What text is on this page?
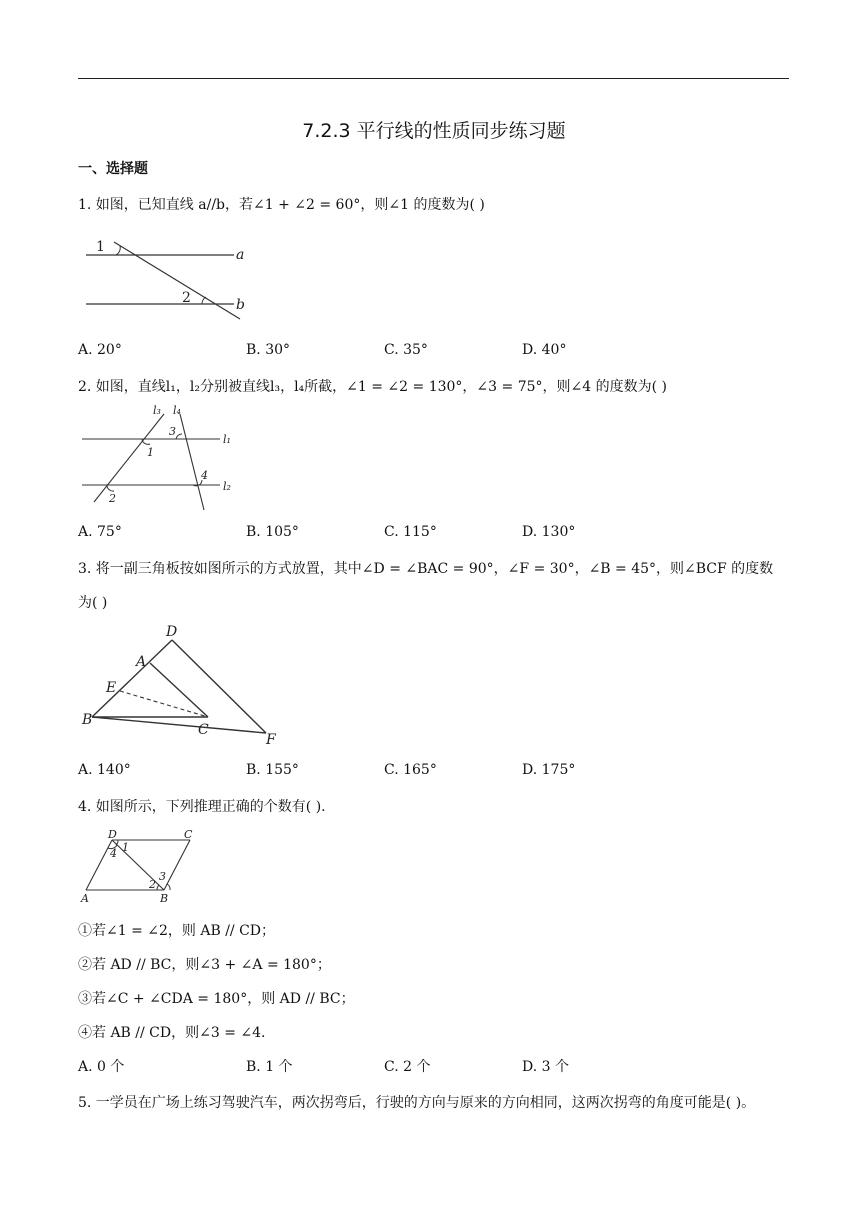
7.2.3 平行线的性质同步练习题
一、选择题
1. 如图，已知直线 a//b，若∠1 + ∠2 = 60°，则∠1 的度数为( )
1
2
a
b
A. 20°	B. 30°	C. 35°	D. 40°
2. 如图，直线l₁，l₂分别被直线l₃，l₄所截，∠1 = ∠2 = 130°，∠3 = 75°，则∠4 的度数为( )
l₃ l₄
l₁
l₂
1
2
3
4
A. 75°	B. 105°	C. 115°	D. 130°
3. 将一副三角板按如图所示的方式放置，其中∠D = ∠BAC = 90°，∠F = 30°，∠B = 45°，则∠BCF 的度数
为( )
D
A
E
B
C
F
A. 140°	B. 155°	C. 165°	D. 175°
4. 如图所示，下列推理正确的个数有( ).
D	C
A	B
1
2
3
4
①若∠1 = ∠2，则 AB // CD；
②若 AD // BC，则∠3 + ∠A = 180°；
③若∠C + ∠CDA = 180°，则 AD // BC；
④若 AB // CD，则∠3 = ∠4.
A. 0 个	B. 1 个	C. 2 个	D. 3 个
5. 一学员在广场上练习驾驶汽车，两次拐弯后，行驶的方向与原来的方向相同，这两次拐弯的角度可能是( )。
